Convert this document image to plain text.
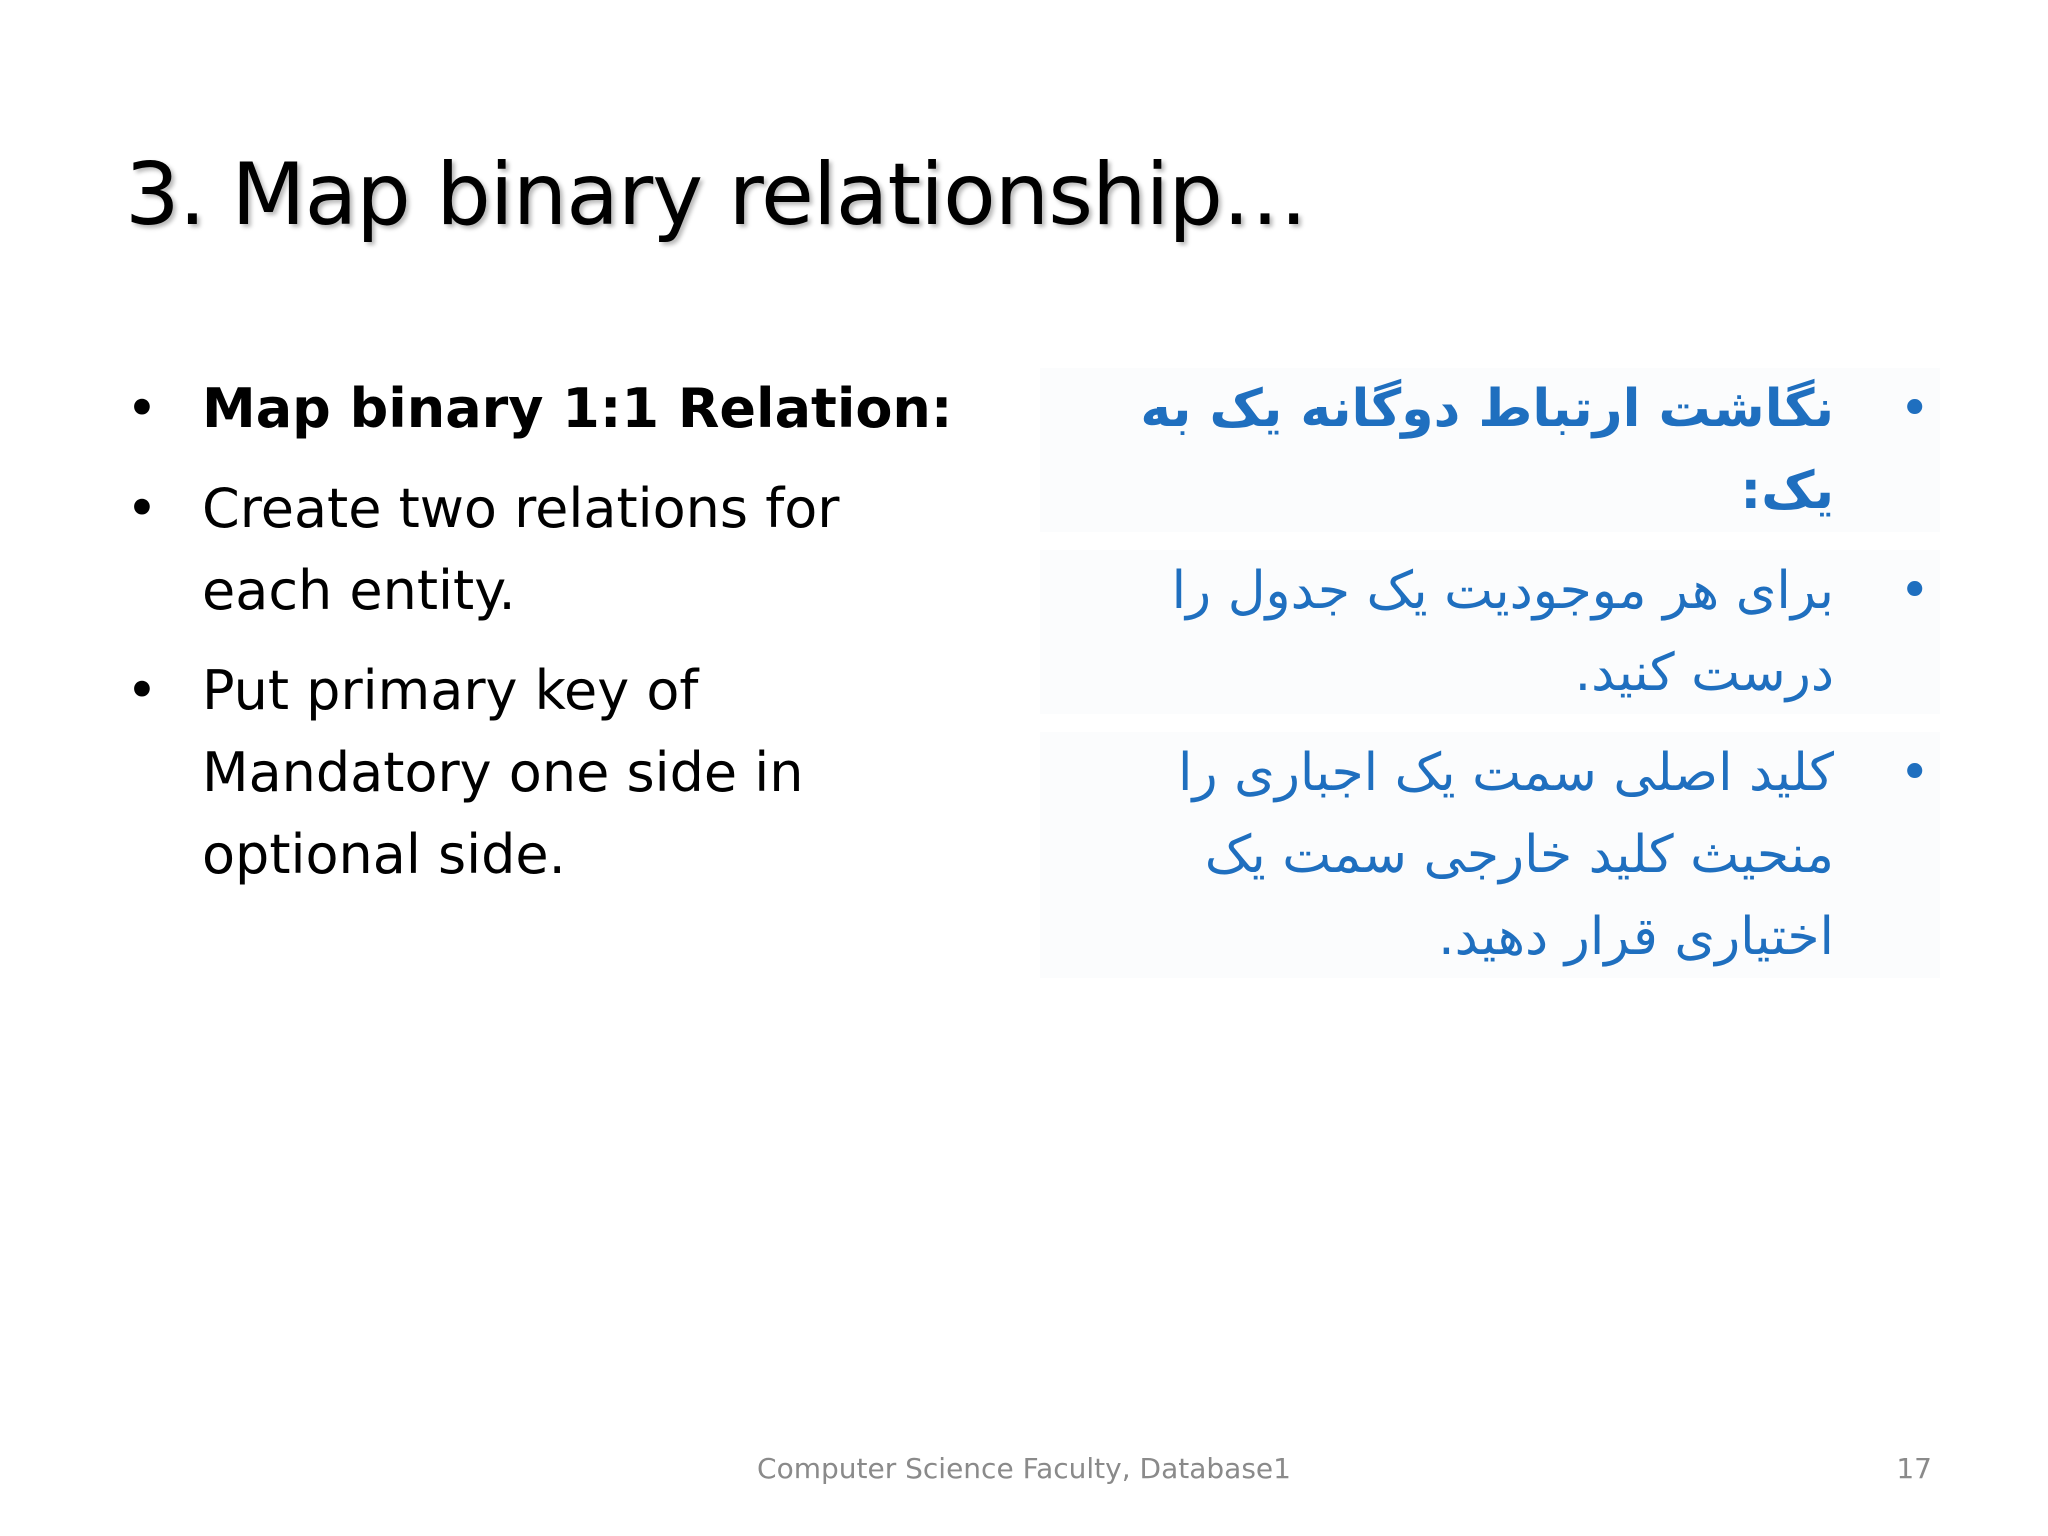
3. Map binary relationship…
• Map binary 1:1 Relation:
• Create two relations for each entity.
• Put primary key of Mandatory one side in optional side.
•
نگاشت ارتباط دوگانه یک به یک:
•
برای هر موجودیت یک جدول را درست کنید.
•
کلید اصلی سمت یک اجباری را منحیث کلید خارجی سمت یک اختیاری قرار دهید.
Computer Science Faculty, Database1	17
